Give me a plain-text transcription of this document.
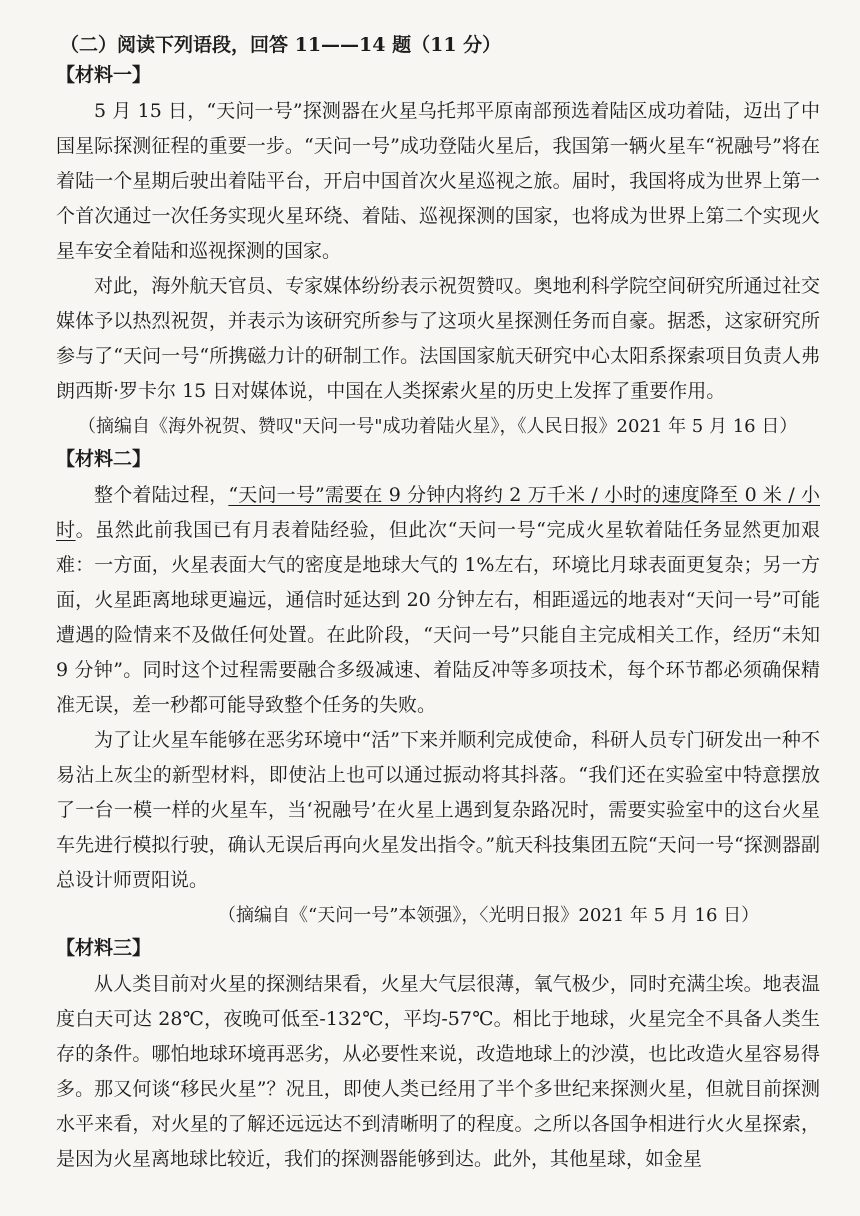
（二）阅读下列语段，回答 11——14 题（11 分）

【材料一】

5 月 15 日，“天问一号”探测器在火星乌托邦平原南部预选着陆区成功着陆，迈出了中国星际探测征程的重要一步。“天问一号”成功登陆火星后，我国第一辆火星车“祝融号”将在着陆一个星期后驶出着陆平台，开启中国首次火星巡视之旅。届时，我国将成为世界上第一个首次通过一次任务实现火星环绕、着陆、巡视探测的国家，也将成为世界上第二个实现火星车安全着陆和巡视探测的国家。

对此，海外航天官员、专家媒体纷纷表示祝贺赞叹。奥地利科学院空间研究所通过社交媒体予以热烈祝贺，并表示为该研究所参与了这项火星探测任务而自豪。据悉，这家研究所参与了“天问一号“所携磁力计的研制工作。法国国家航天研究中心太阳系探索项目负责人弗朗西斯·罗卡尔 15 日对媒体说，中国在人类探索火星的历史上发挥了重要作用。

（摘编自《海外祝贺、赞叹"天问一号"成功着陆火星》，《人民日报》2021 年 5 月 16 日）

【材料二】

整个着陆过程，“天问一号”需要在 9 分钟内将约 2 万千米 / 小时的速度降至 0 米 / 小时。虽然此前我国已有月表着陆经验，但此次“天问一号“完成火星软着陆任务显然更加艰难：一方面，火星表面大气的密度是地球大气的 1%左右，环境比月球表面更复杂；另一方面，火星距离地球更遍远，通信时延达到 20 分钟左右，相距遥远的地表对“天问一号”可能遭遇的险情来不及做任何处置。在此阶段，“天问一号”只能自主完成相关工作，经历“未知 9 分钟”。同时这个过程需要融合多级减速、着陆反冲等多项技术，每个环节都必须确保精准无误，差一秒都可能导致整个任务的失败。

为了让火星车能够在恶劣环境中“活”下来并顺利完成使命，科研人员专门研发出一种不易沾上灰尘的新型材料，即使沾上也可以通过振动将其抖落。“我们还在实验室中特意摆放了一台一模一样的火星车，当‘祝融号’在火星上遇到复杂路况时，需要实验室中的这台火星车先进行模拟行驶，确认无误后再向火星发出指令。”航天科技集团五院“天问一号“探测器副总设计师贾阳说。

（摘编自《“天问一号”本领强》，〈光明日报》2021 年 5 月 16 日）

【材料三】

从人类目前对火星的探测结果看，火星大气层很薄，氧气极少，同时充满尘埃。地表温度白天可达 28℃，夜晚可低至-132℃，平均-57℃。相比于地球，火星完全不具备人类生存的条件。哪怕地球环境再恶劣，从必要性来说，改造地球上的沙漠，也比改造火星容易得多。那又何谈“移民火星”？况且，即使人类已经用了半个多世纪来探测火星，但就目前探测水平来看，对火星的了解还远远达不到清晰明了的程度。之所以各国争相进行火火星探索，是因为火星离地球比较近，我们的探测器能够到达。此外，其他星球，如金星
